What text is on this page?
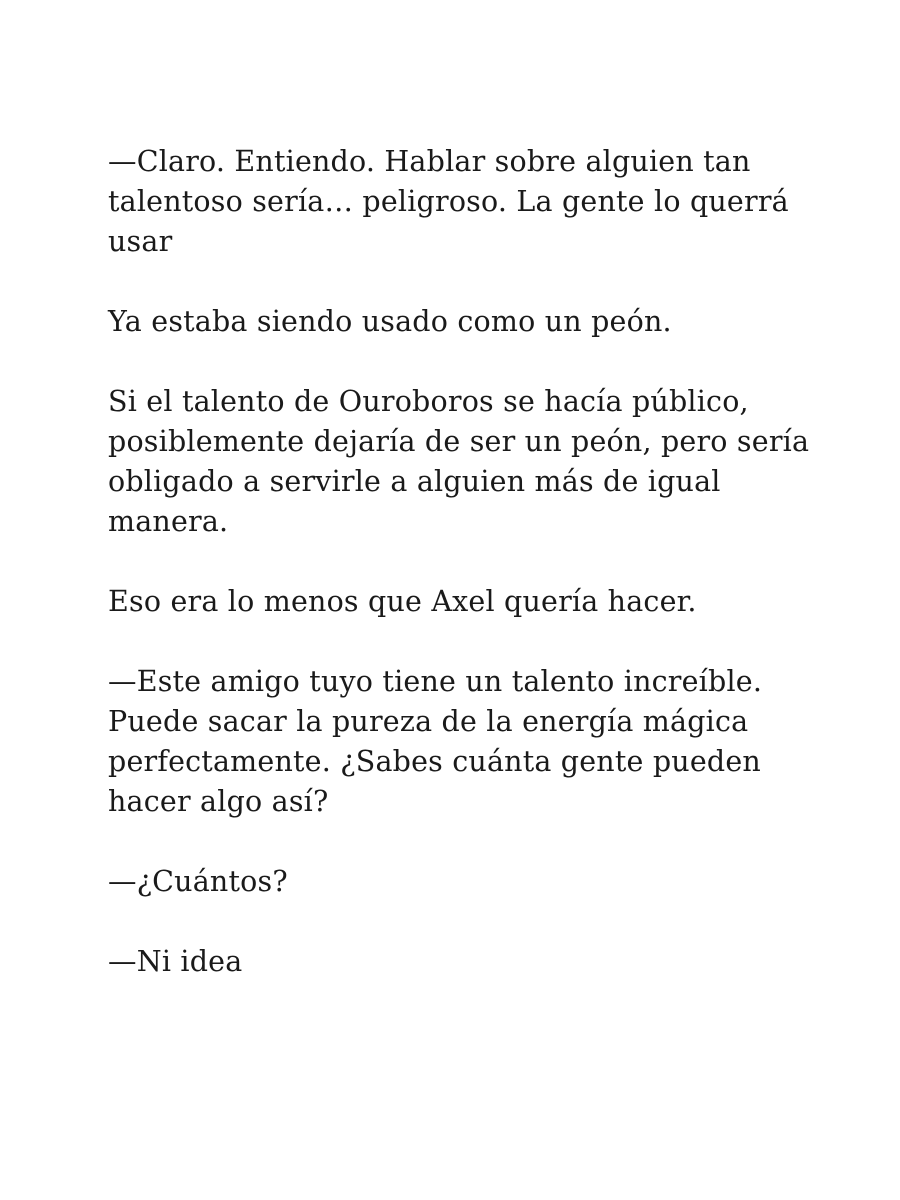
—Claro. Entiendo. Hablar sobre alguien tan
talentoso sería… peligroso. La gente lo querrá
usar

Ya estaba siendo usado como un peón.

Si el talento de Ouroboros se hacía público,
posiblemente dejaría de ser un peón, pero sería
obligado a servirle a alguien más de igual
manera.

Eso era lo menos que Axel quería hacer.

—Este amigo tuyo tiene un talento increíble.
Puede sacar la pureza de la energía mágica
perfectamente. ¿Sabes cuánta gente pueden
hacer algo así?

—¿Cuántos?

—Ni idea
